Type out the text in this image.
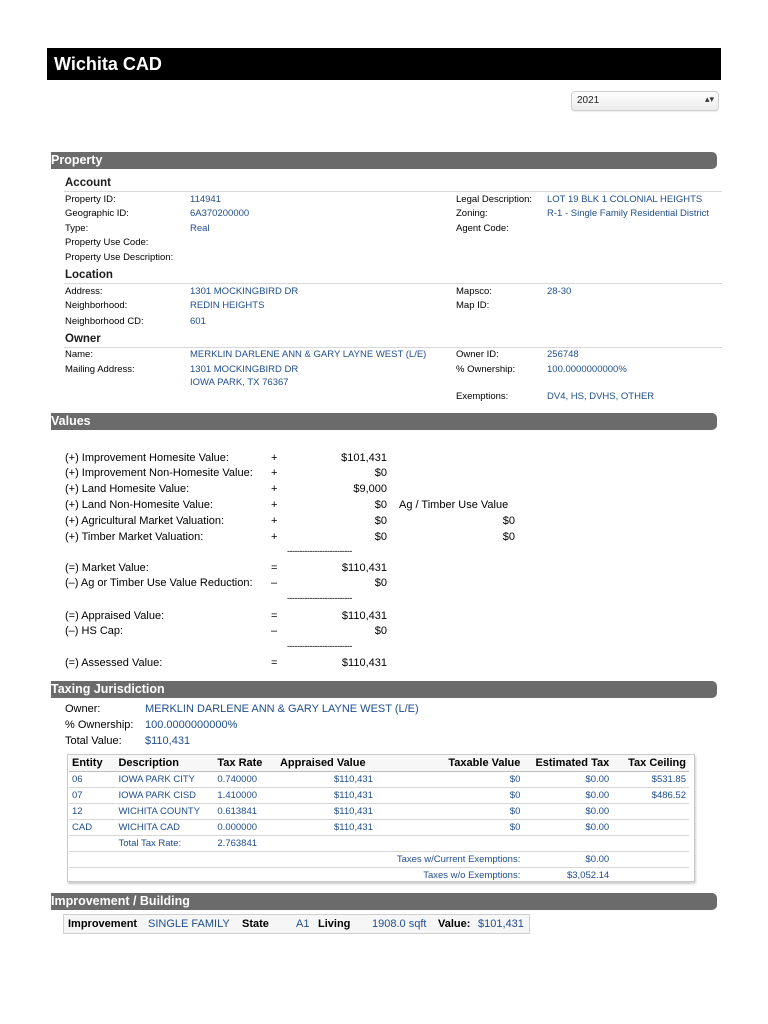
Wichita CAD
2021	▴▾
Property
Account
Property ID:	114941	Legal Description: LOT 19 BLK 1 COLONIAL HEIGHTS
Geographic ID:	6A370200000	Zoning:	R-1 - Single Family Residential District
Type:	Real	Agent Code:
Property Use Code:
Property Use Description:
Location
Address:	1301 MOCKINGBIRD DR	Mapsco:	28-30
Neighborhood:	REDIN HEIGHTS	Map ID:
Neighborhood CD:	601
Owner
Name:	MERKLIN DARLENE ANN & GARY LAYNE WEST (L/E)	Owner ID:	256748
Mailing Address:	1301 MOCKINGBIRD DR
IOWA PARK, TX 76367
% Ownership:	100.0000000000%
Exemptions:	DV4, HS, DVHS, OTHER
Values
(+) Improvement Homesite Value:	+	$101,431
(+) Improvement Non-Homesite Value: +	$0
(+) Land Homesite Value:	+	$9,000
(+) Land Non-Homesite Value:	+	$0 Ag / Timber Use Value
(+) Agricultural Market Valuation:	+	$0	$0
(+) Timber Market Valuation:	+	$0	$0
--------------------------
(=) Market Value:	=	$110,431
(–) Ag or Timber Use Value Reduction: –	$0
--------------------------
(=) Appraised Value:	=	$110,431
(–) HS Cap:	–	$0
--------------------------
(=) Assessed Value:	=	$110,431
Taxing Jurisdiction
Owner:	MERKLIN DARLENE ANN & GARY LAYNE WEST (L/E)
% Ownership: 100.0000000000%
Total Value: $110,431
Entity	Description	Tax Rate	Appraised Value	Taxable Value	Estimated Tax	Tax Ceiling
06	IOWA PARK CITY	0.740000	$110,431	$0	$0.00	$531.85
07	IOWA PARK CISD	1.410000	$110,431	$0	$0.00	$486.52
12	WICHITA COUNTY	0.613841	$110,431	$0	$0.00	
CAD	WICHITA CAD	0.000000	$110,431	$0	$0.00	
	Total Tax Rate:	2.763841				
				Taxes w/Current Exemptions:	$0.00	
				Taxes w/o Exemptions:	$3,052.14	
Improvement / Building
Improvement SINGLE FAMILY State A1 Living 1908.0 sqft Value: $101,431
